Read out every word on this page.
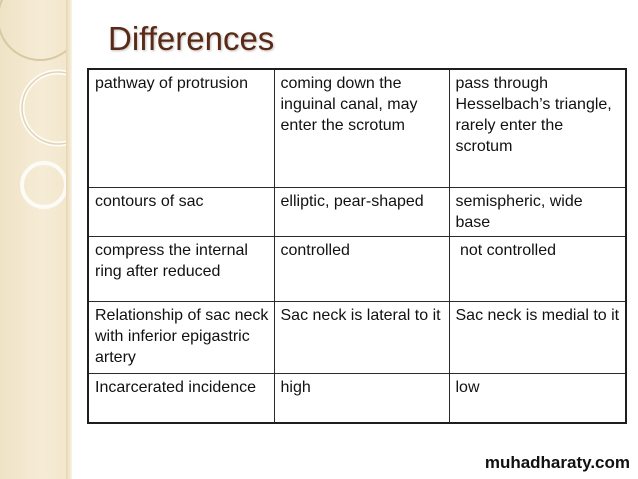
Differences
pathway of protrusion	coming down the inguinal canal, may enter the scrotum	pass through Hesselbach’s triangle, rarely enter the scrotum
contours of sac	elliptic, pear-shaped	semispheric, wide base
compress the internal ring after reduced	controlled	not controlled
Relationship of sac neck with inferior epigastric artery	Sac neck is lateral to it	Sac neck is medial to it
Incarcerated incidence	high	low
muhadharaty.com
